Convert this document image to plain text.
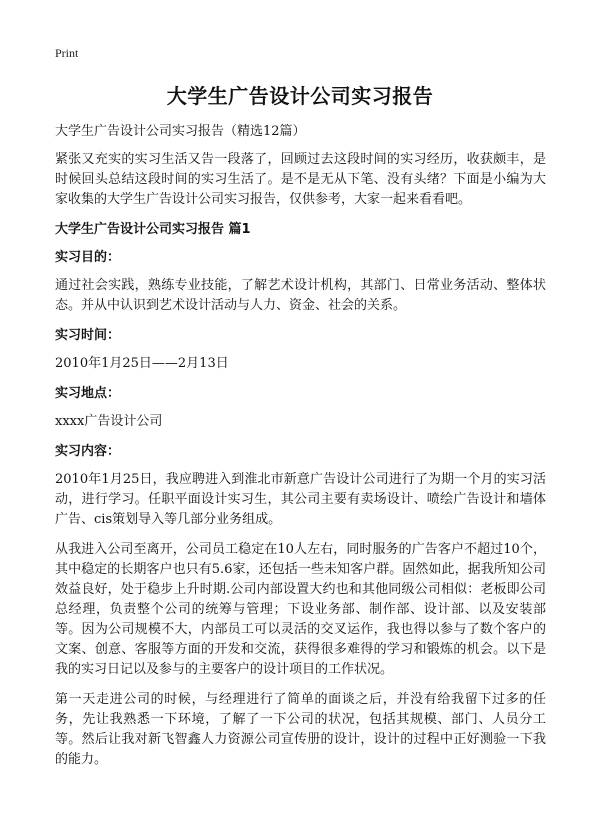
Print
大学生广告设计公司实习报告
大学生广告设计公司实习报告（精选12篇）

紧张又充实的实习生活又告一段落了，回顾过去这段时间的实习经历，收获颇丰，是时候回头总结这段时间的实习生活了。是不是无从下笔、没有头绪？下面是小编为大家收集的大学生广告设计公司实习报告，仅供参考，大家一起来看看吧。

大学生广告设计公司实习报告 篇1
实习目的：

通过社会实践，熟练专业技能，了解艺术设计机构，其部门、日常业务活动、整体状态。并从中认识到艺术设计活动与人力、资金、社会的关系。

实习时间：

2010年1月25日——2月13日

实习地点：

xxxx广告设计公司

实习内容：

2010年1月25日，我应聘进入到淮北市新意广告设计公司进行了为期一个月的实习活动，进行学习。任职平面设计实习生，其公司主要有卖场设计、喷绘广告设计和墙体广告、cis策划导入等几部分业务组成。

从我进入公司至离开，公司员工稳定在10人左右，同时服务的广告客户不超过10个，其中稳定的长期客户也只有5.6家，还包括一些未知客户群。固然如此，据我所知公司效益良好，处于稳步上升时期.公司内部设置大约也和其他同级公司相似：老板即公司总经理，负责整个公司的统筹与管理；下设业务部、制作部、设计部、以及安装部等。因为公司规模不大，内部员工可以灵活的交叉运作，我也得以参与了数个客户的文案、创意、客服等方面的开发和交流，获得很多难得的学习和锻炼的机会。以下是我的实习日记以及参与的主要客户的设计项目的工作状况。

第一天走进公司的时候，与经理进行了简单的面谈之后，并没有给我留下过多的任务，先让我熟悉一下环境，了解了一下公司的状况，包括其规模、部门、人员分工等。然后让我对新飞智鑫人力资源公司宣传册的设计，设计的过程中正好测验一下我的能力。
